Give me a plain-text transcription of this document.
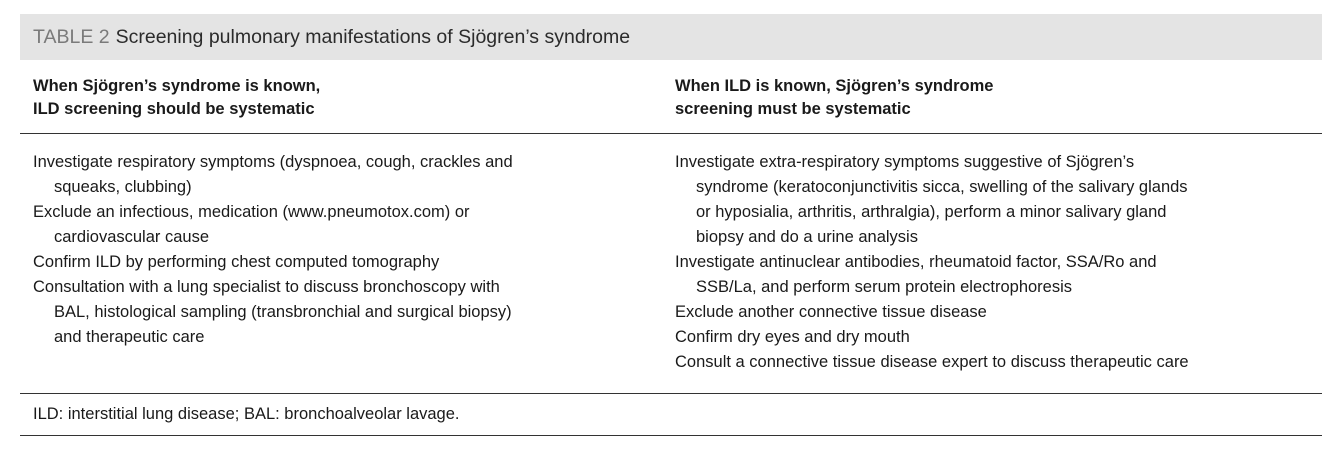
TABLE 2 Screening pulmonary manifestations of Sjögren’s syndrome
When Sjögren’s syndrome is known,
ILD screening should be systematic
When ILD is known, Sjögren’s syndrome
screening must be systematic
Investigate respiratory symptoms (dyspnoea, cough, crackles and
squeaks, clubbing)
Exclude an infectious, medication (www.pneumotox.com) or
cardiovascular cause
Confirm ILD by performing chest computed tomography
Consultation with a lung specialist to discuss bronchoscopy with
BAL, histological sampling (transbronchial and surgical biopsy)
and therapeutic care
Investigate extra-respiratory symptoms suggestive of Sjögren’s
syndrome (keratoconjunctivitis sicca, swelling of the salivary glands
or hyposialia, arthritis, arthralgia), perform a minor salivary gland
biopsy and do a urine analysis
Investigate antinuclear antibodies, rheumatoid factor, SSA/Ro and
SSB/La, and perform serum protein electrophoresis
Exclude another connective tissue disease
Confirm dry eyes and dry mouth
Consult a connective tissue disease expert to discuss therapeutic care
ILD: interstitial lung disease; BAL: bronchoalveolar lavage.
